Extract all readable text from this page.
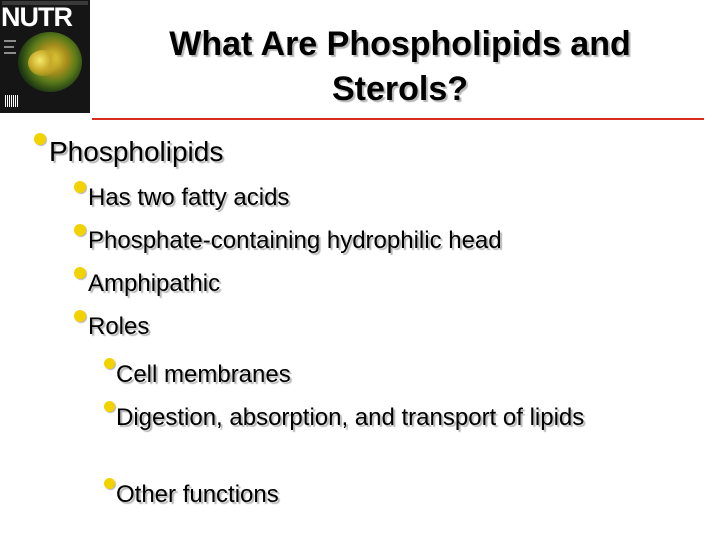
NUTR
What Are Phospholipids and Sterols?
Phospholipids
Has two fatty acids
Phosphate-containing hydrophilic head
Amphipathic
Roles
Cell membranes
Digestion, absorption, and transport of lipids
Other functions
